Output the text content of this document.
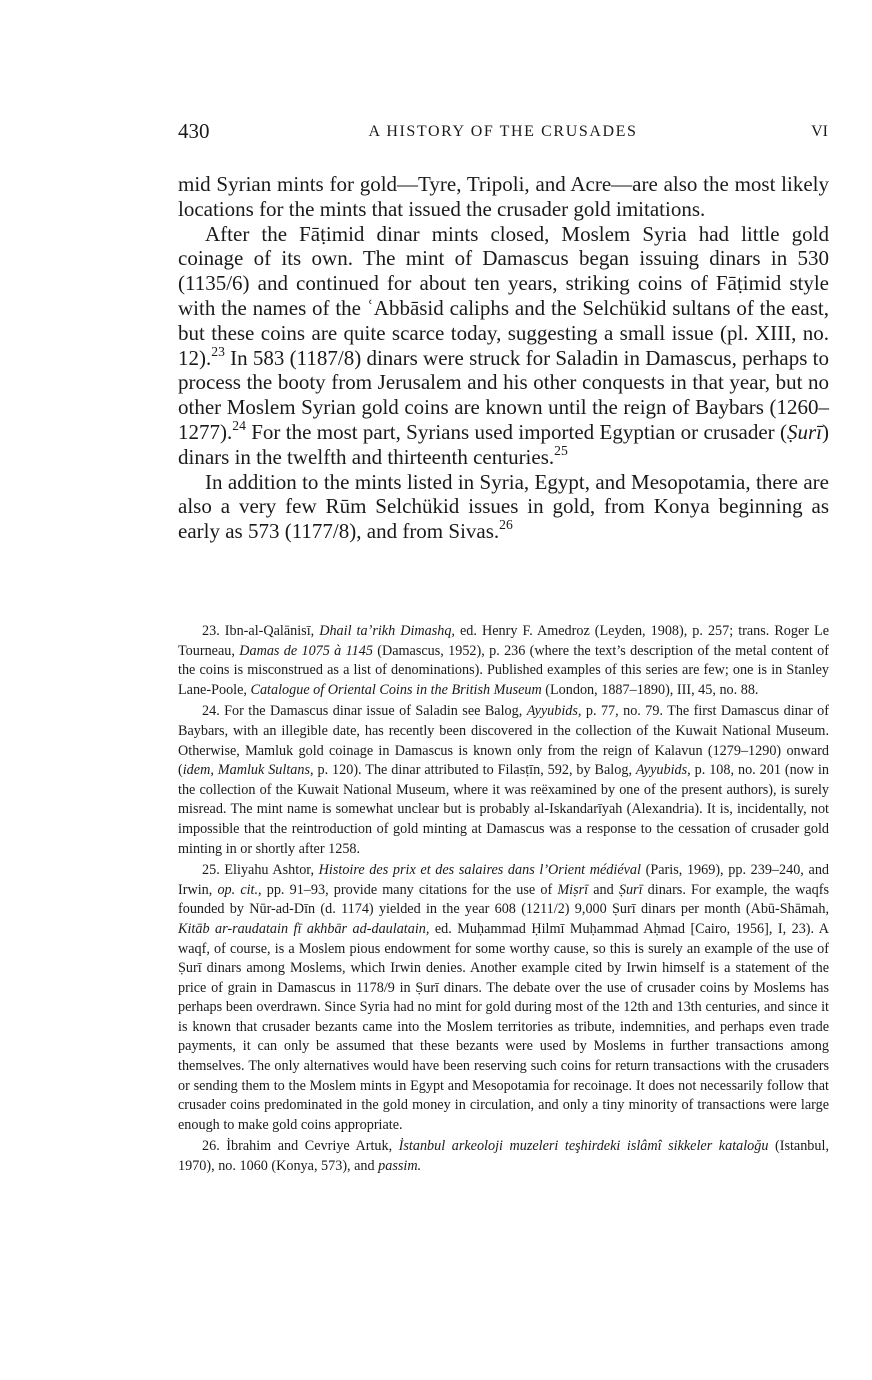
430	A HISTORY OF THE CRUSADES	VI

mid Syrian mints for gold—Tyre, Tripoli, and Acre—are also the most likely locations for the mints that issued the crusader gold imitations.

After the Fāṭimid dinar mints closed, Moslem Syria had little gold coinage of its own. The mint of Damascus began issuing dinars in 530 (1135/6) and continued for about ten years, striking coins of Fāṭimid style with the names of the ʿAbbāsid caliphs and the Selchükid sultans of the east, but these coins are quite scarce today, suggesting a small issue (pl. XIII, no. 12).$^{23}$ In 583 (1187/8) dinars were struck for Saladin in Damascus, perhaps to process the booty from Jerusalem and his other conquests in that year, but no other Moslem Syrian gold coins are known until the reign of Baybars (1260–1277).$^{24}$ For the most part, Syrians used imported Egyptian or crusader (Ṣurī) dinars in the twelfth and thirteenth centuries.$^{25}$

In addition to the mints listed in Syria, Egypt, and Mesopotamia, there are also a very few Rūm Selchükid issues in gold, from Konya beginning as early as 573 (1177/8), and from Sivas.$^{26}$

23. Ibn-al-Qalānisī, Dhail taʼrikh Dimashq, ed. Henry F. Amedroz (Leyden, 1908), p. 257; trans. Roger Le Tourneau, Damas de 1075 à 1145 (Damascus, 1952), p. 236 (where the text’s description of the metal content of the coins is misconstrued as a list of denominations). Published examples of this series are few; one is in Stanley Lane-Poole, Catalogue of Oriental Coins in the British Museum (London, 1887–1890), III, 45, no. 88.

24. For the Damascus dinar issue of Saladin see Balog, Ayyubids, p. 77, no. 79. The first Damascus dinar of Baybars, with an illegible date, has recently been discovered in the collection of the Kuwait National Museum. Otherwise, Mamluk gold coinage in Damascus is known only from the reign of Kalavun (1279–1290) onward (idem, Mamluk Sultans, p. 120). The dinar attributed to Filasṭīn, 592, by Balog, Ayyubids, p. 108, no. 201 (now in the collection of the Kuwait National Museum, where it was reëxamined by one of the present authors), is surely misread. The mint name is somewhat unclear but is probably al-Iskandarīyah (Alexandria). It is, incidentally, not impossible that the reintroduction of gold minting at Damascus was a response to the cessation of crusader gold minting in or shortly after 1258.

25. Eliyahu Ashtor, Histoire des prix et des salaires dans l’Orient médiéval (Paris, 1969), pp. 239–240, and Irwin, op. cit., pp. 91–93, provide many citations for the use of Miṣrī and Ṣurī dinars. For example, the waqfs founded by Nūr-ad-Dīn (d. 1174) yielded in the year 608 (1211/2) 9,000 Ṣurī dinars per month (Abū-Shāmah, Kitāb ar-raudatain fī akhbār ad-daulatain, ed. Muḥammad Ḥilmī Muḥammad Aḥmad [Cairo, 1956], I, 23). A waqf, of course, is a Moslem pious endowment for some worthy cause, so this is surely an example of the use of Ṣurī dinars among Moslems, which Irwin denies. Another example cited by Irwin himself is a statement of the price of grain in Damascus in 1178/9 in Ṣurī dinars. The debate over the use of crusader coins by Moslems has perhaps been overdrawn. Since Syria had no mint for gold during most of the 12th and 13th centuries, and since it is known that crusader bezants came into the Moslem territories as tribute, indemnities, and perhaps even trade payments, it can only be assumed that these bezants were used by Moslems in further transactions among themselves. The only alternatives would have been reserving such coins for return transactions with the crusaders or sending them to the Moslem mints in Egypt and Mesopotamia for recoinage. It does not necessarily follow that crusader coins predominated in the gold money in circulation, and only a tiny minority of transactions were large enough to make gold coins appropriate.

26. İbrahim and Cevriye Artuk, İstanbul arkeoloji muzeleri teşhirdeki islâmî sikkeler kataloğu (Istanbul, 1970), no. 1060 (Konya, 573), and passim.
